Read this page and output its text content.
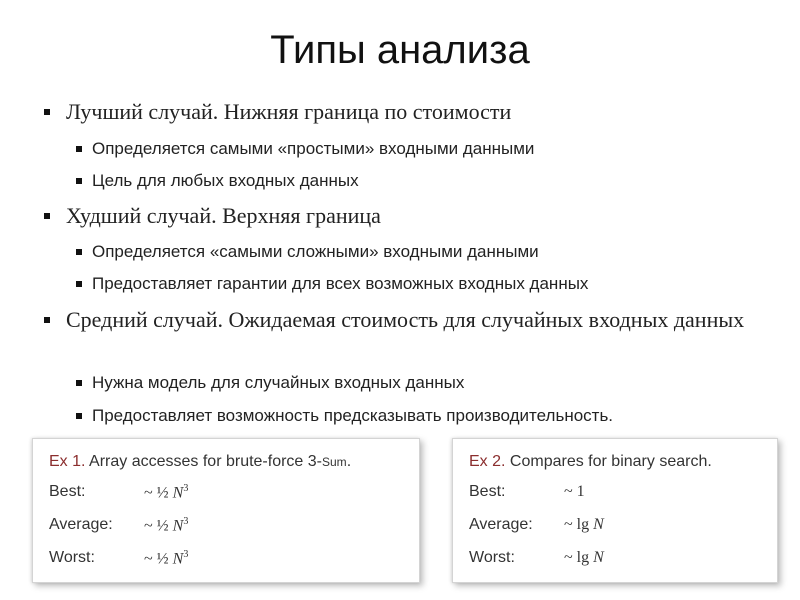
Типы анализа
Лучший случай. Нижняя граница по стоимости
Определяется самыми «простыми» входными данными
Цель для любых входных данных
Худший случай. Верхняя граница
Определяется «самыми сложными» входными данными
Предоставляет гарантии для всех возможных входных данных
Средний случай. Ожидаемая стоимость для случайных входных данных
Нужна модель для случайных входных данных
Предоставляет возможность предсказывать производительность.
Ex 1. Array accesses for brute-force 3-Sum.
Best:	~ ½ $N^3$
Average: ~ ½ $N^3$
Worst:	~ ½ $N^3$
Ex 2. Compares for binary search.
Best:	~ 1
Average: ~ lg N
Worst:	~ lg N
